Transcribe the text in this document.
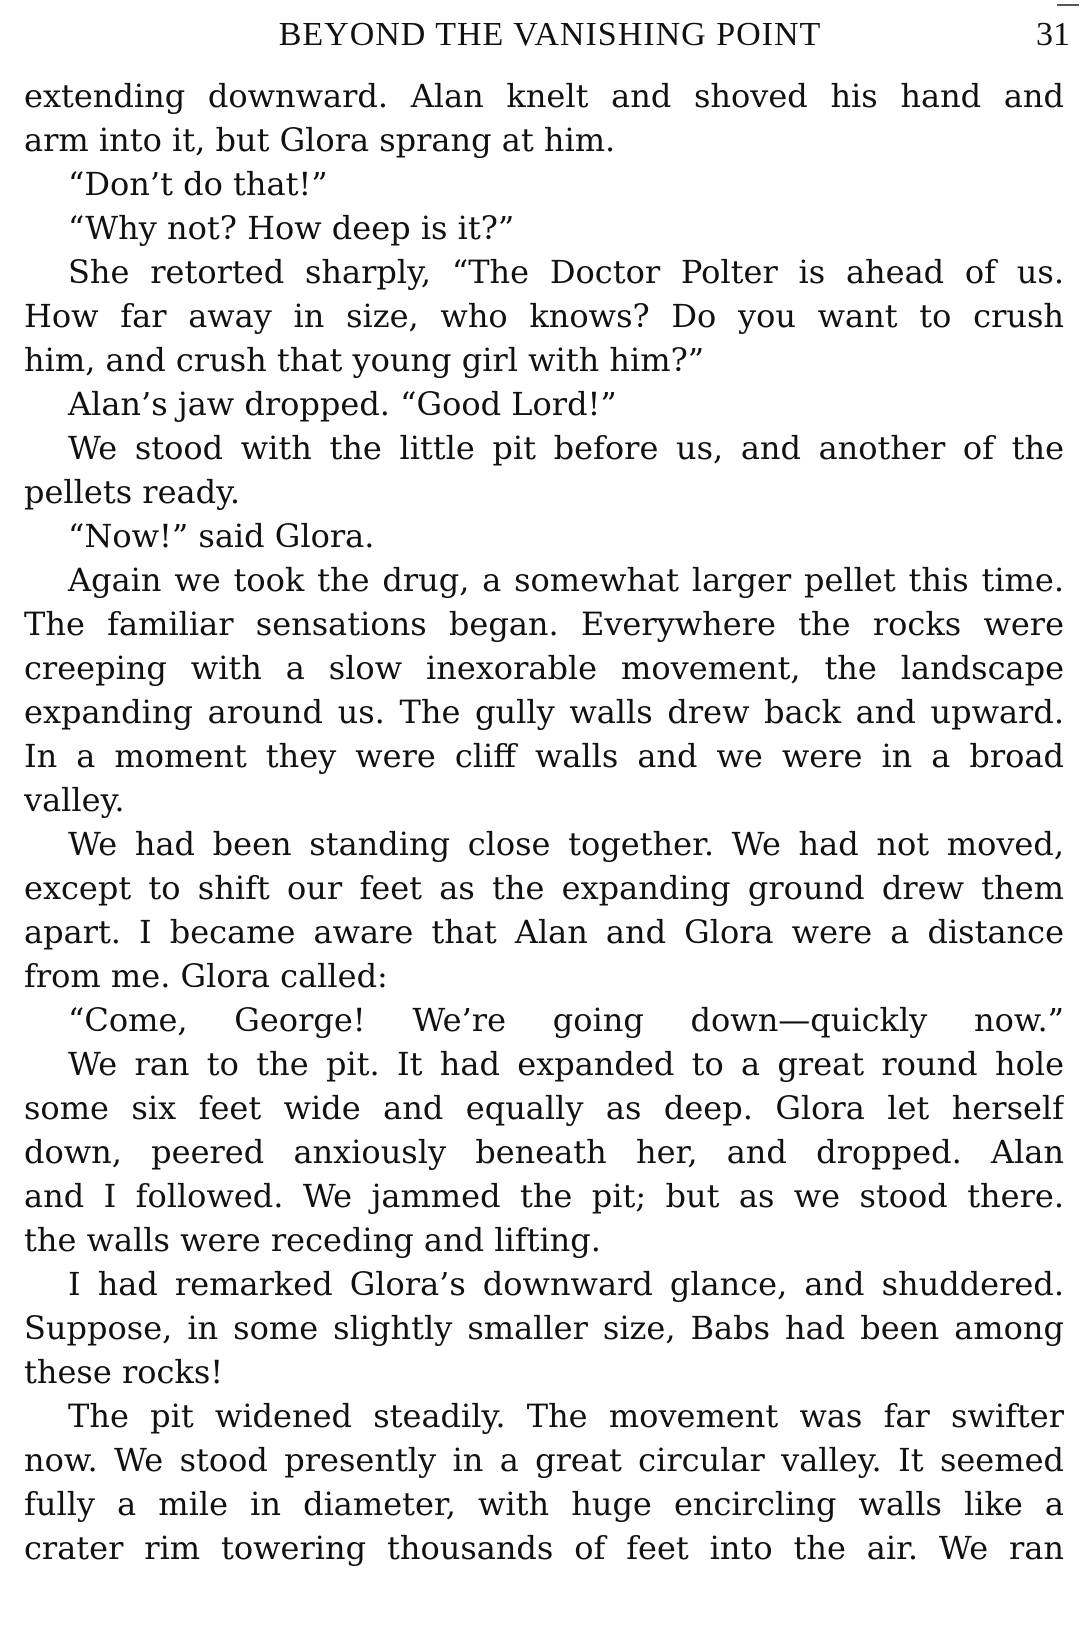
BEYOND THE VANISHING POINT	31
extending downward. Alan knelt and shoved his hand and
arm into it, but Glora sprang at him.
“Don’t do that!”
“Why not? How deep is it?”
She retorted sharply, “The Doctor Polter is ahead of us.
How far away in size, who knows? Do you want to crush
him, and crush that young girl with him?”
Alan’s jaw dropped. “Good Lord!”
We stood with the little pit before us, and another of the
pellets ready.
“Now!” said Glora.
Again we took the drug, a somewhat larger pellet this time.
The familiar sensations began. Everywhere the rocks were
creeping with a slow inexorable movement, the landscape
expanding around us. The gully walls drew back and upward.
In a moment they were cliff walls and we were in a broad
valley.
We had been standing close together. We had not moved,
except to shift our feet as the expanding ground drew them
apart. I became aware that Alan and Glora were a distance
from me. Glora called:
“Come, George! We’re going down—quickly now.”
We ran to the pit. It had expanded to a great round hole
some six feet wide and equally as deep. Glora let herself
down, peered anxiously beneath her, and dropped. Alan
and I followed. We jammed the pit; but as we stood there.
the walls were receding and lifting.
I had remarked Glora’s downward glance, and shuddered.
Suppose, in some slightly smaller size, Babs had been among
these rocks!
The pit widened steadily. The movement was far swifter
now. We stood presently in a great circular valley. It seemed
fully a mile in diameter, with huge encircling walls like a
crater rim towering thousands of feet into the air. We ran
